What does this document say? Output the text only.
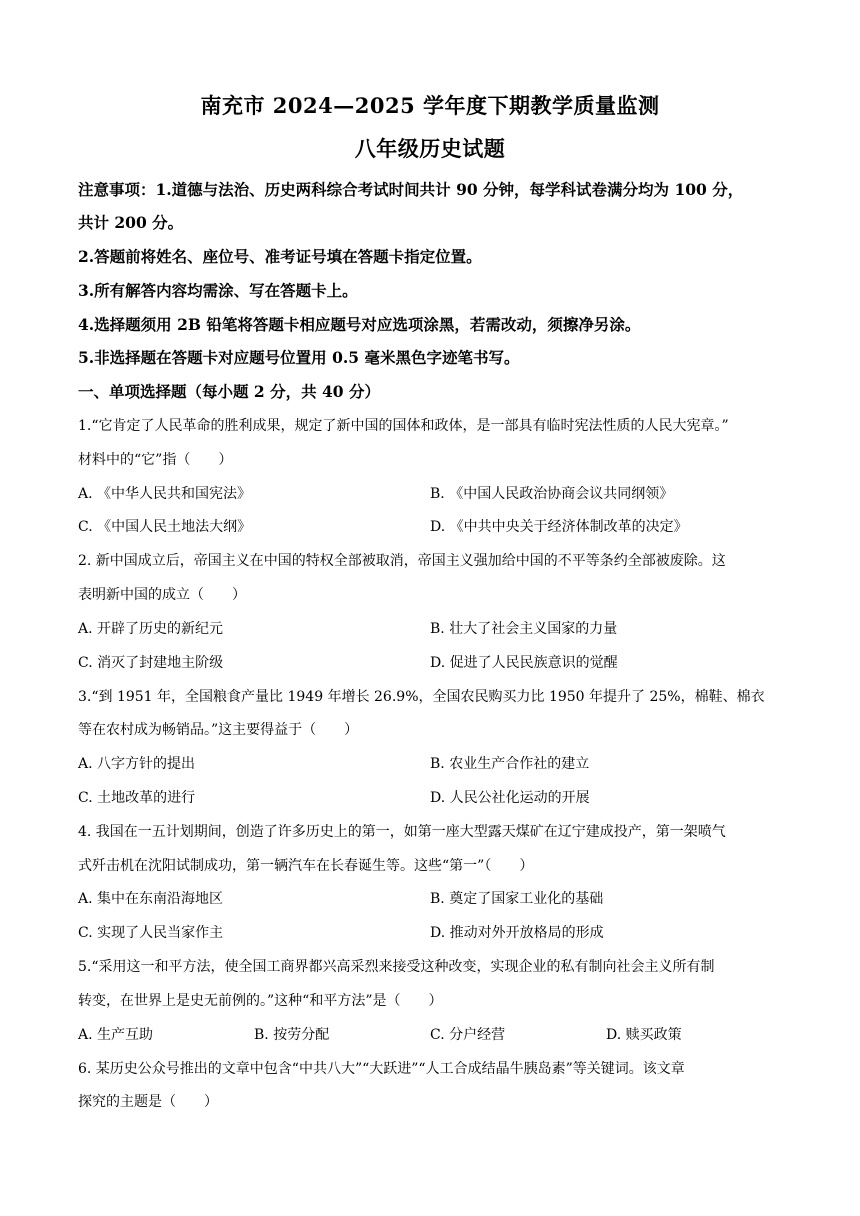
南充市 2024—2025 学年度下期教学质量监测
八年级历史试题
注意事项：1.道德与法治、历史两科综合考试时间共计 90 分钟，每学科试卷满分均为 100 分，
共计 200 分。
2.答题前将姓名、座位号、准考证号填在答题卡指定位置。
3.所有解答内容均需涂、写在答题卡上。
4.选择题须用 2B 铅笔将答题卡相应题号对应选项涂黑，若需改动，须擦净另涂。
5.非选择题在答题卡对应题号位置用 0.5 毫米黑色字迹笔书写。
一、单项选择题（每小题 2 分，共 40 分）
1.“它肯定了人民革命的胜利成果，规定了新中国的国体和政体，是一部具有临时宪法性质的人民大宪章。”
材料中的“它”指（　　）
A. 《中华人民共和国宪法》	B. 《中国人民政治协商会议共同纲领》
C. 《中国人民土地法大纲》	D. 《中共中央关于经济体制改革的决定》
2. 新中国成立后，帝国主义在中国的特权全部被取消，帝国主义强加给中国的不平等条约全部被废除。这
表明新中国的成立（　　）
A. 开辟了历史的新纪元	B. 壮大了社会主义国家的力量
C. 消灭了封建地主阶级	D. 促进了人民民族意识的觉醒
3.“到 1951 年，全国粮食产量比 1949 年增长 26.9%，全国农民购买力比 1950 年提升了 25%，棉鞋、棉衣
等在农村成为畅销品。”这主要得益于（　　）
A. 八字方针的提出	B. 农业生产合作社的建立
C. 土地改革的进行	D. 人民公社化运动的开展
4. 我国在一五计划期间，创造了许多历史上的第一，如第一座大型露天煤矿在辽宁建成投产，第一架喷气
式歼击机在沈阳试制成功，第一辆汽车在长春诞生等。这些“第一”（　　）
A. 集中在东南沿海地区	B. 奠定了国家工业化的基础
C. 实现了人民当家作主	D. 推动对外开放格局的形成
5.“采用这一和平方法，使全国工商界都兴高采烈来接受这种改变，实现企业的私有制向社会主义所有制
转变，在世界上是史无前例的。”这种“和平方法”是（　　）
A. 生产互助	B. 按劳分配	C. 分户经营	D. 赎买政策
6. 某历史公众号推出的文章中包含“中共八大”“大跃进”“人工合成结晶牛胰岛素”等关键词。该文章
探究的主题是（　　）
